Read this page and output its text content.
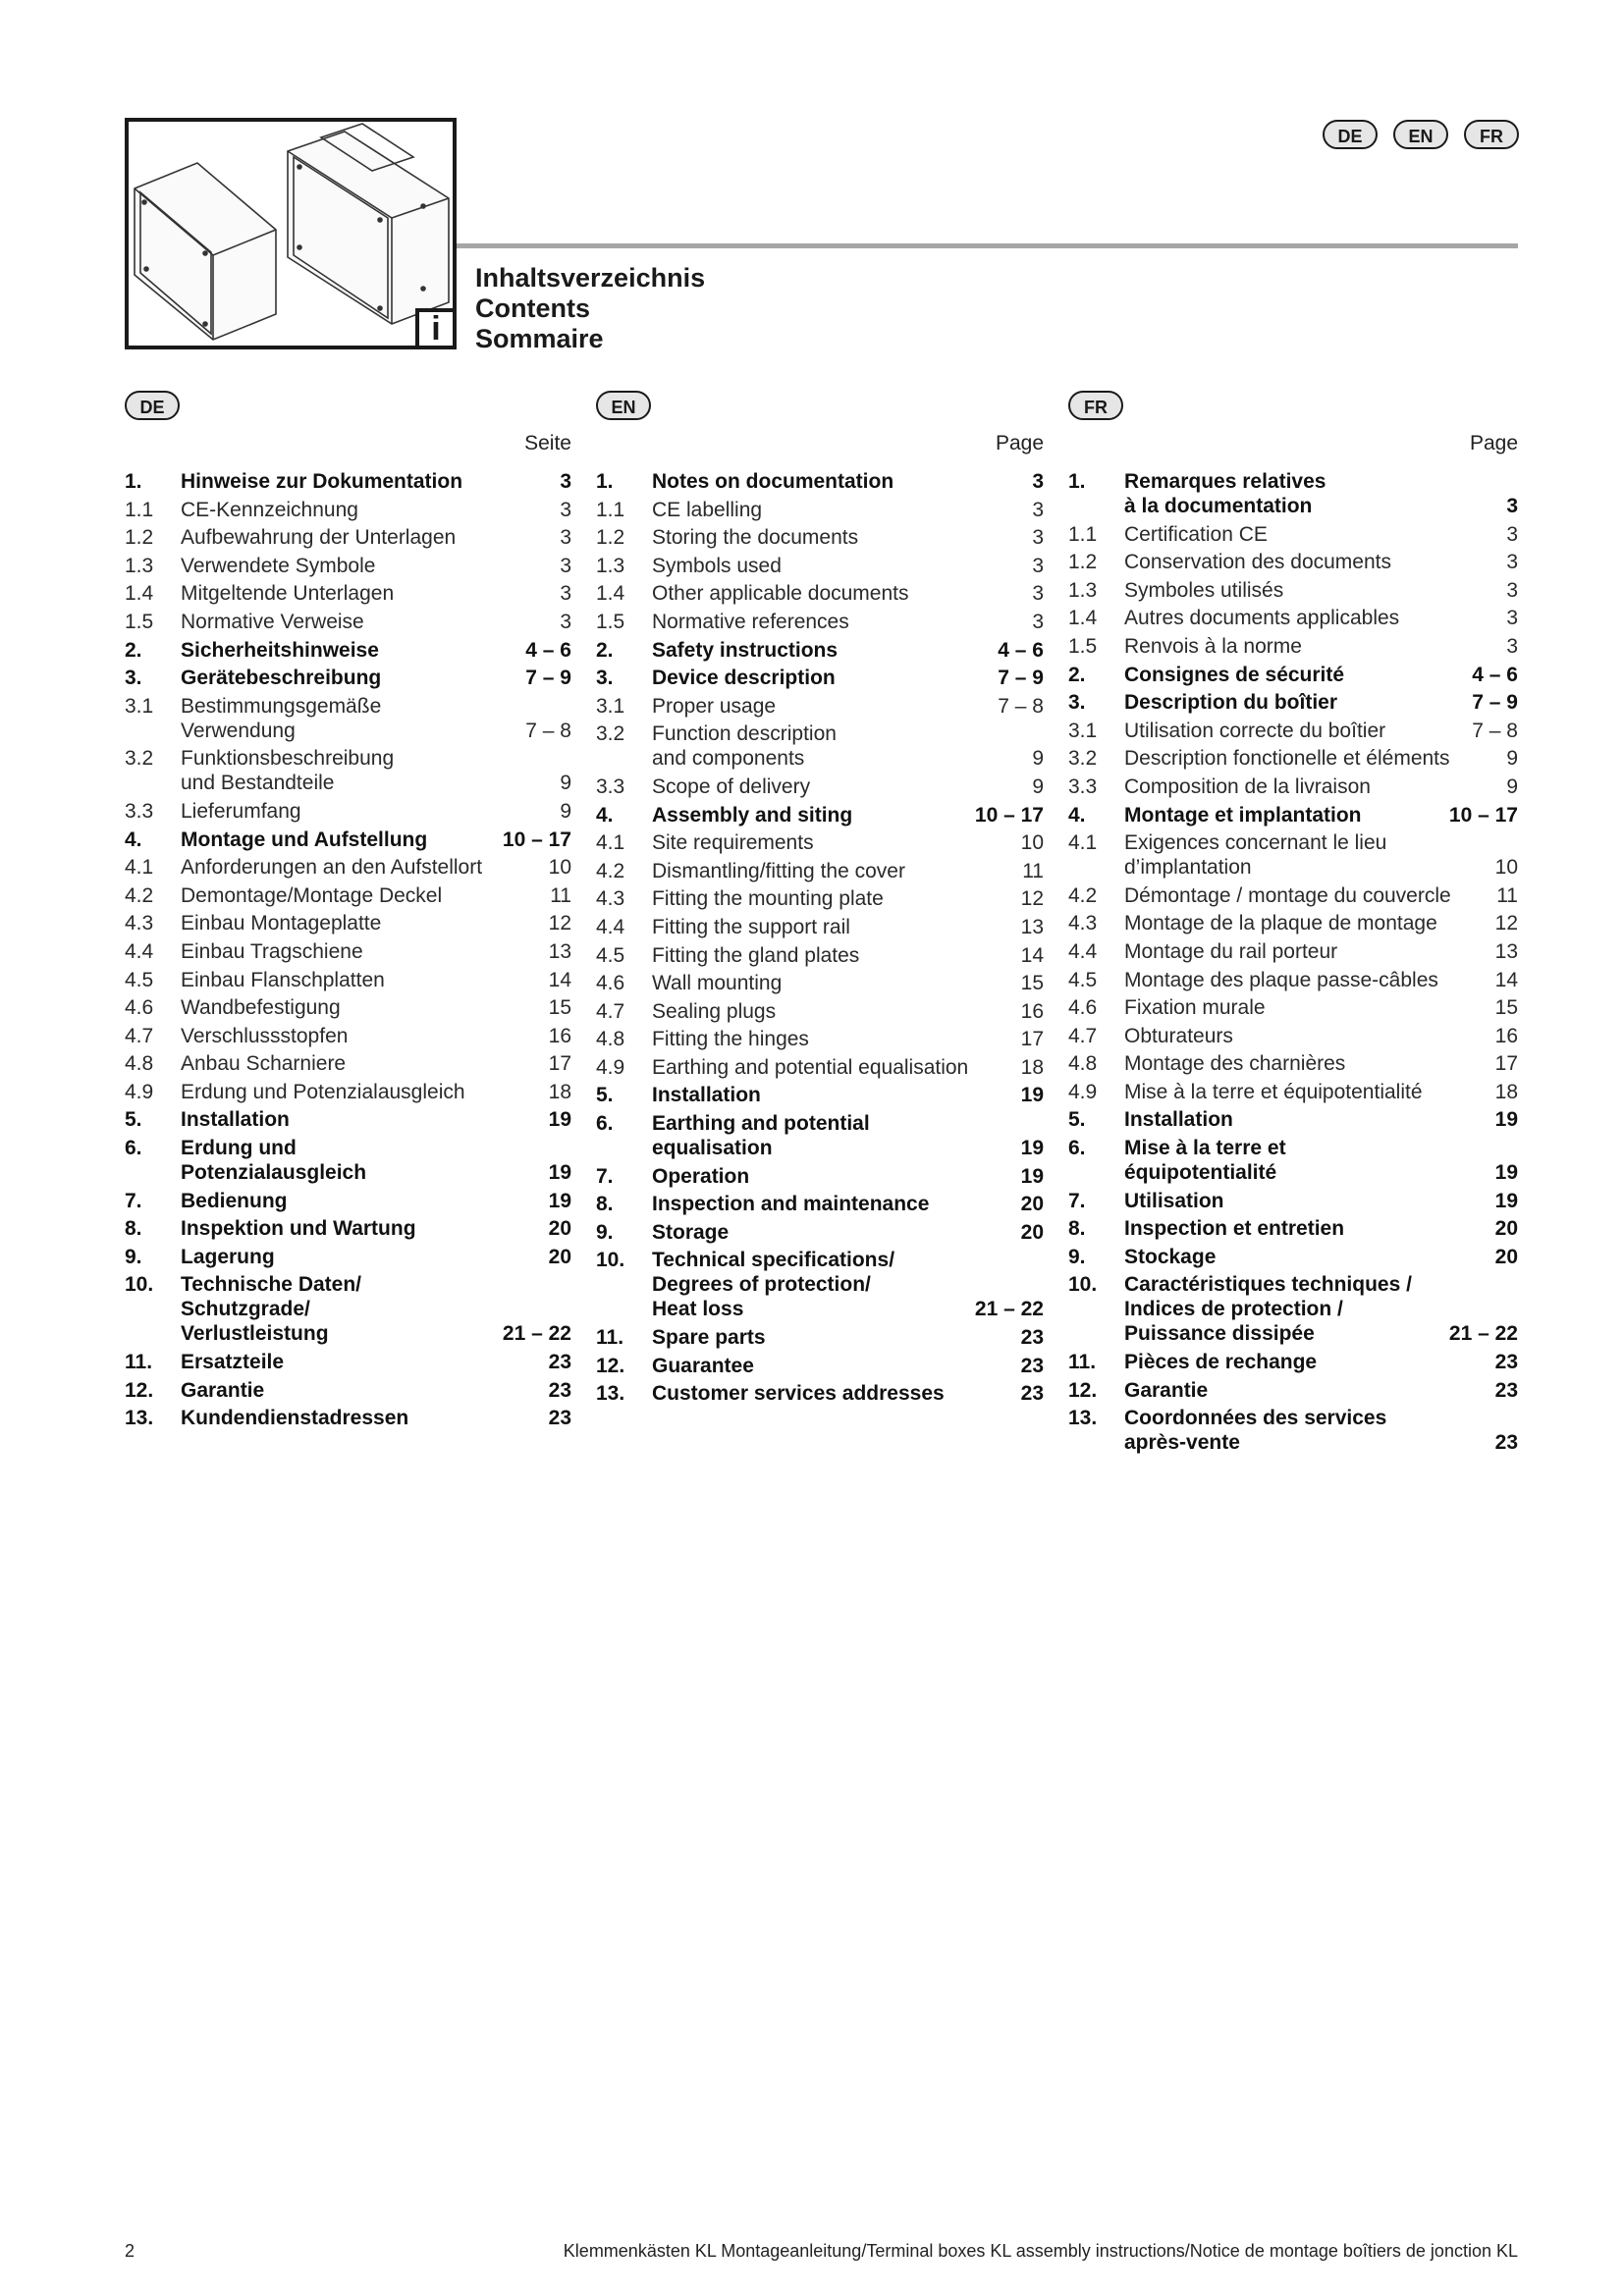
i
DE	EN	FR
Inhaltsverzeichnis
Contents
Sommaire
DE	EN	FR
Seite	Page	Page
1. Hinweise zur Dokumentation	3
1.1 CE-Kennzeichnung	3
1.2 Aufbewahrung der Unterlagen	3
1.3 Verwendete Symbole	3
1.4 Mitgeltende Unterlagen	3
1.5 Normative Verweise	3
2. Sicherheitshinweise	4 – 6
3. Gerätebeschreibung	7 – 9
3.1 Bestimmungsgemäße
Verwendung	7 – 8
3.2 Funktionsbeschreibung
und Bestandteile	9
3.3 Lieferumfang	9
4. Montage und Aufstellung	10 – 17
4.1 Anforderungen an den Aufstellort	10
4.2 Demontage/Montage Deckel	11
4.3 Einbau Montageplatte	12
4.4 Einbau Tragschiene	13
4.5 Einbau Flanschplatten	14
4.6 Wandbefestigung	15
4.7 Verschlussstopfen	16
4.8 Anbau Scharniere	17
4.9 Erdung und Potenzialausgleich	18
5. Installation	19
6. Erdung und
Potenzialausgleich	19
7. Bedienung	19
8. Inspektion und Wartung	20
9. Lagerung	20
10. Technische Daten/
Schutzgrade/
Verlustleistung	21 – 22
11. Ersatzteile	23
12. Garantie	23
13. Kundendienstadressen	23
1. Notes on documentation	3
1.1 CE labelling	3
1.2 Storing the documents	3
1.3 Symbols used	3
1.4 Other applicable documents	3
1.5 Normative references	3
2. Safety instructions	4 – 6
3. Device description	7 – 9
3.1 Proper usage	7 – 8
3.2 Function description
and components	9
3.3 Scope of delivery	9
4. Assembly and siting	10 – 17
4.1 Site requirements	10
4.2 Dismantling/fitting the cover	11
4.3 Fitting the mounting plate	12
4.4 Fitting the support rail	13
4.5 Fitting the gland plates	14
4.6 Wall mounting	15
4.7 Sealing plugs	16
4.8 Fitting the hinges	17
4.9 Earthing and potential equalisation	18
5. Installation	19
6. Earthing and potential
equalisation	19
7. Operation	19
8. Inspection and maintenance	20
9. Storage	20
10. Technical specifications/
Degrees of protection/
Heat loss	21 – 22
11. Spare parts	23
12. Guarantee	23
13. Customer services addresses	23
1. Remarques relatives
à la documentation	3
1.1 Certification CE	3
1.2 Conservation des documents	3
1.3 Symboles utilisés	3
1.4 Autres documents applicables	3
1.5 Renvois à la norme	3
2. Consignes de sécurité	4 – 6
3. Description du boîtier	7 – 9
3.1 Utilisation correcte du boîtier	7 – 8
3.2 Description fonctionelle et éléments	9
3.3 Composition de la livraison	9
4. Montage et implantation	10 – 17
4.1 Exigences concernant le lieu
d’implantation	10
4.2 Démontage / montage du couvercle	11
4.3 Montage de la plaque de montage	12
4.4 Montage du rail porteur	13
4.5 Montage des plaque passe-câbles	14
4.6 Fixation murale	15
4.7 Obturateurs	16
4.8 Montage des charnières	17
4.9 Mise à la terre et équipotentialité	18
5. Installation	19
6. Mise à la terre et
équipotentialité	19
7. Utilisation	19
8. Inspection et entretien	20
9. Stockage	20
10. Caractéristiques techniques /
Indices de protection /
Puissance dissipée	21 – 22
11. Pièces de rechange	23
12. Garantie	23
13. Coordonnées des services
après-vente	23
2	Klemmenkästen KL Montageanleitung/Terminal boxes KL assembly instructions/Notice de montage boîtiers de jonction KL
